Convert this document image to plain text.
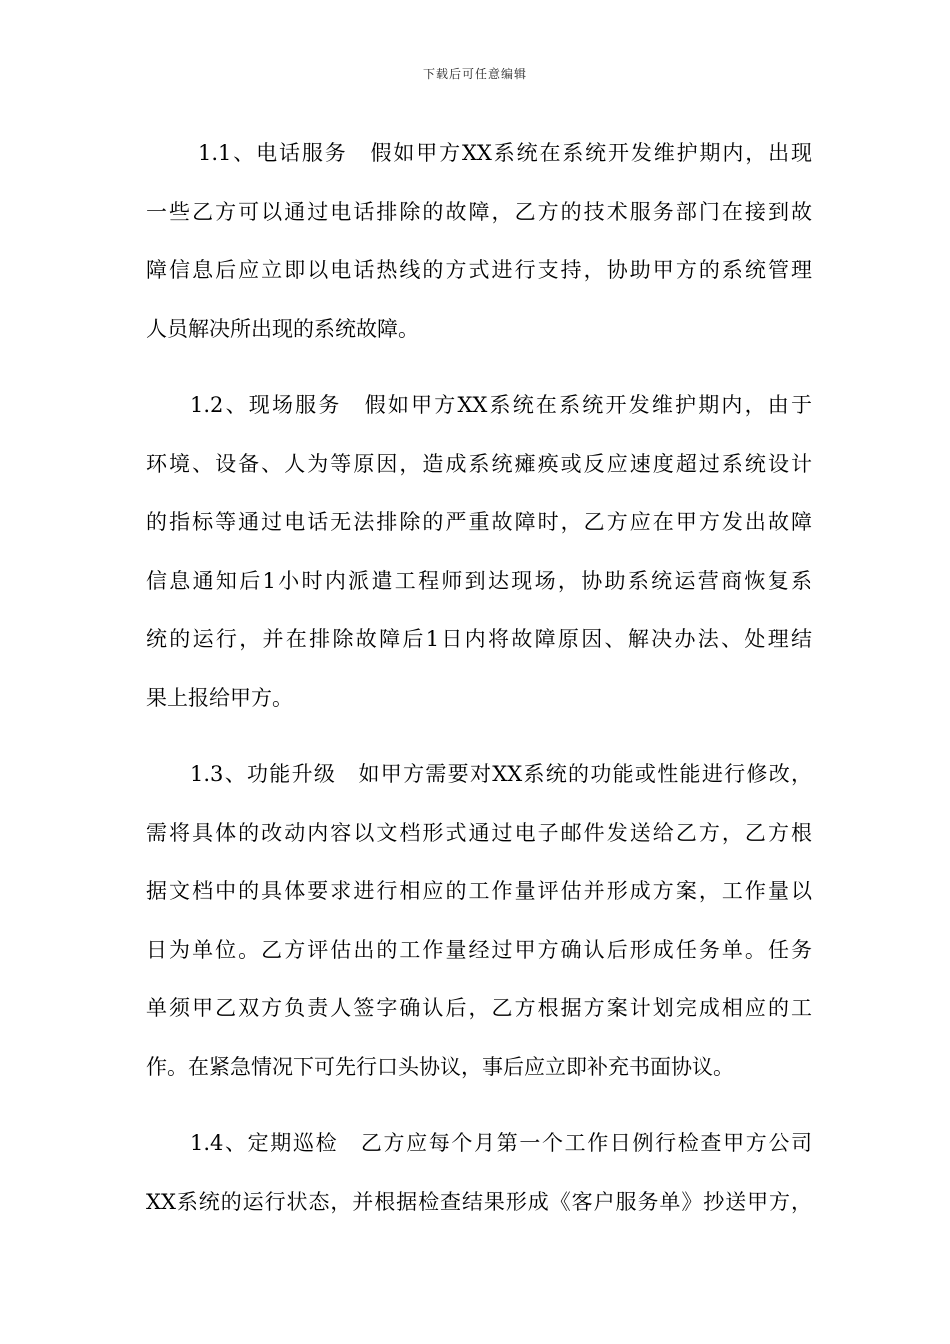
下载后可任意编辑
1.1、电话服务　假如甲方XX系统在系统开发维护期内，出现
一些乙方可以通过电话排除的故障，乙方的技术服务部门在接到故
障信息后应立即以电话热线的方式进行支持，协助甲方的系统管理
人员解决所出现的系统故障。
1.2、现场服务　假如甲方XX系统在系统开发维护期内，由于
环境、设备、人为等原因，造成系统瘫痪或反应速度超过系统设计
的指标等通过电话无法排除的严重故障时，乙方应在甲方发出故障
信息通知后1小时内派遣工程师到达现场，协助系统运营商恢复系
统的运行，并在排除故障后1日内将故障原因、解决办法、处理结
果上报给甲方。
1.3、功能升级　如甲方需要对XX系统的功能或性能进行修改，
需将具体的改动内容以文档形式通过电子邮件发送给乙方，乙方根
据文档中的具体要求进行相应的工作量评估并形成方案，工作量以
日为单位。乙方评估出的工作量经过甲方确认后形成任务单。任务
单须甲乙双方负责人签字确认后，乙方根据方案计划完成相应的工
作。在紧急情况下可先行口头协议，事后应立即补充书面协议。
1.4、定期巡检　乙方应每个月第一个工作日例行检查甲方公司
XX系统的运行状态，并根据检查结果形成《客户服务单》抄送甲方，
